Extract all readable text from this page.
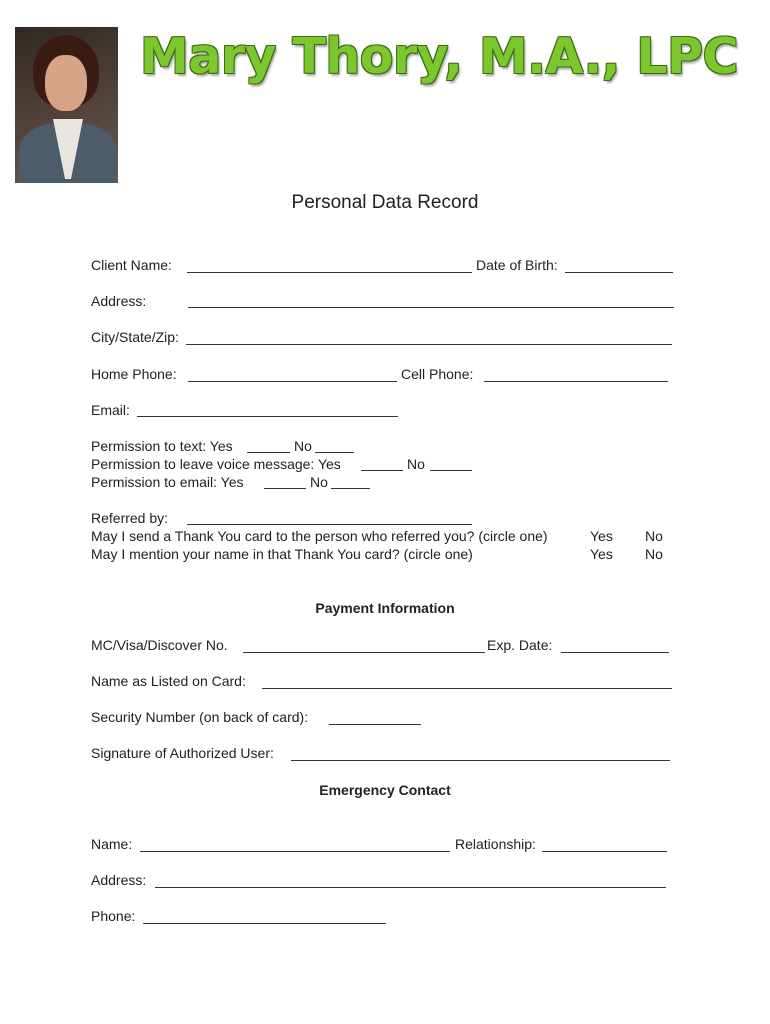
Mary Thory, M.A., LPC
Personal Data Record
Client Name:	Date of Birth:
Address:
City/State/Zip:
Home Phone:	Cell Phone:
Email:
Permission to text: Yes	No
Permission to leave voice message: Yes	No
Permission to email: Yes	No
Referred by:
May I send a Thank You card to the person who referred you? (circle one)	Yes No
May I mention your name in that Thank You card? (circle one)	Yes No
Payment Information
MC/Visa/Discover No.	Exp. Date:
Name as Listed on Card:
Security Number (on back of card):
Signature of Authorized User:
Emergency Contact
Name:	Relationship:
Address:
Phone:
